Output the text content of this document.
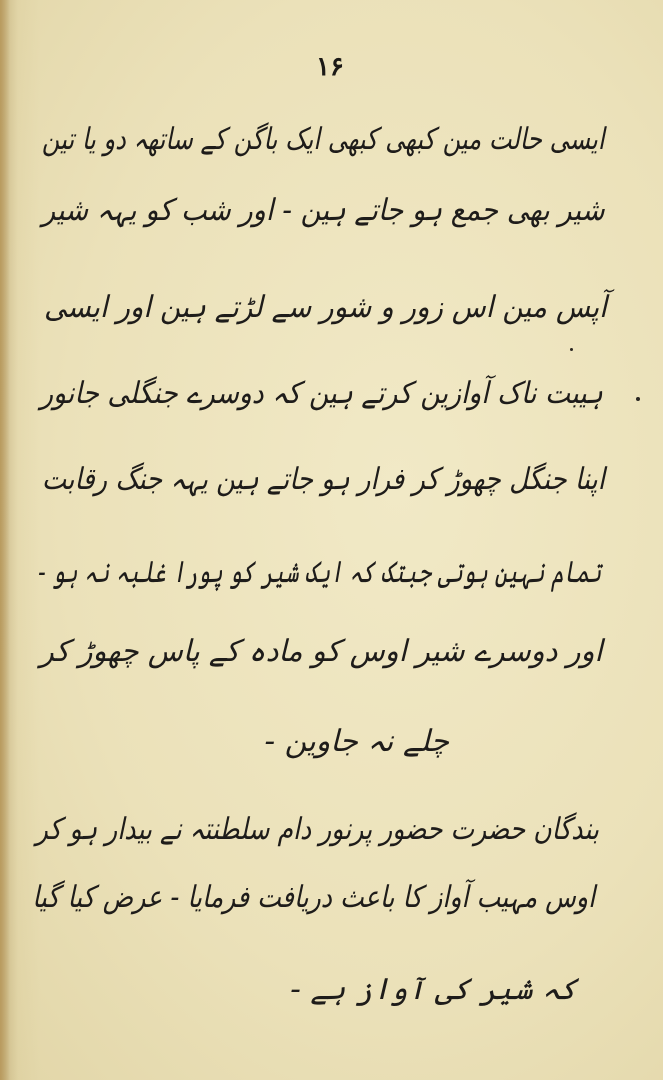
۱۶
ایسی حالت مین کبھی کبھی ایک باگن کے ساتھہ دو یا تین
شیر بھی جمع ہو جاتے ہین - اور شب کو یہہ شیر
آپس مین اس زور و شور سے لڑتے ہین اور ایسی
ہیبت ناک آوازین کرتے ہین کہ دوسرے جنگلی جانور
اپنا جنگل چھوڑ کر فرار ہو جاتے ہین یہہ جنگ رقابت
تمام نہین ہوتی جبتک کہ ایک شیر کو پورا غلبہ نہ ہو -
اور دوسرے شیر اوس کو مادہ کے پاس چھوڑ کر
چلے نہ جاوین -
بندگان حضرت حضور پرنور دام سلطنتہ نے بیدار ہو کر
اوس مہیب آواز کا باعث دریافت فرمایا - عرض کیا گیا
کہ شیر کی آواز ہے -
